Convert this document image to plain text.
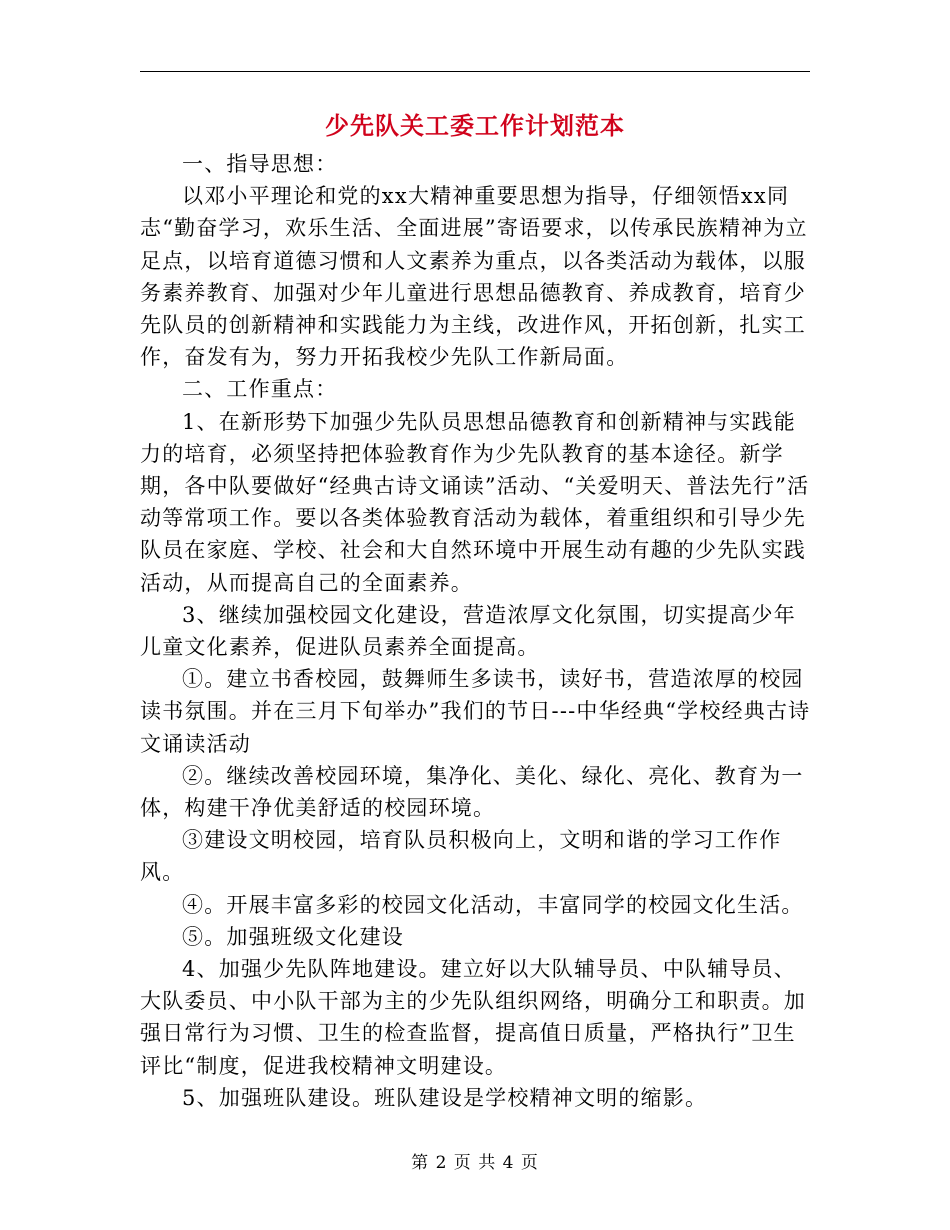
少先队关工委工作计划范本

一、指导思想：

以邓小平理论和党的xx大精神重要思想为指导，仔细领悟xx同志“勤奋学习，欢乐生活、全面进展”寄语要求，以传承民族精神为立足点，以培育道德习惯和人文素养为重点，以各类活动为载体，以服务素养教育、加强对少年儿童进行思想品德教育、养成教育，培育少先队员的创新精神和实践能力为主线，改进作风，开拓创新，扎实工作，奋发有为，努力开拓我校少先队工作新局面。

二、工作重点：

1、在新形势下加强少先队员思想品德教育和创新精神与实践能力的培育，必须坚持把体验教育作为少先队教育的基本途径。新学期，各中队要做好“经典古诗文诵读”活动、“关爱明天、普法先行”活动等常项工作。要以各类体验教育活动为载体，着重组织和引导少先队员在家庭、学校、社会和大自然环境中开展生动有趣的少先队实践活动，从而提高自己的全面素养。

3、继续加强校园文化建设，营造浓厚文化氛围，切实提高少年儿童文化素养，促进队员素养全面提高。

①。建立书香校园，鼓舞师生多读书，读好书，营造浓厚的校园读书氛围。并在三月下旬举办”我们的节日---中华经典“学校经典古诗文诵读活动

②。继续改善校园环境，集净化、美化、绿化、亮化、教育为一体，构建干净优美舒适的校园环境。

③建设文明校园，培育队员积极向上，文明和谐的学习工作作风。

④。开展丰富多彩的校园文化活动，丰富同学的校园文化生活。

⑤。加强班级文化建设

4、加强少先队阵地建设。建立好以大队辅导员、中队辅导员、大队委员、中小队干部为主的少先队组织网络，明确分工和职责。加强日常行为习惯、卫生的检查监督，提高值日质量，严格执行”卫生评比“制度，促进我校精神文明建设。

5、加强班队建设。班队建设是学校精神文明的缩影。

第 2 页 共 4 页
